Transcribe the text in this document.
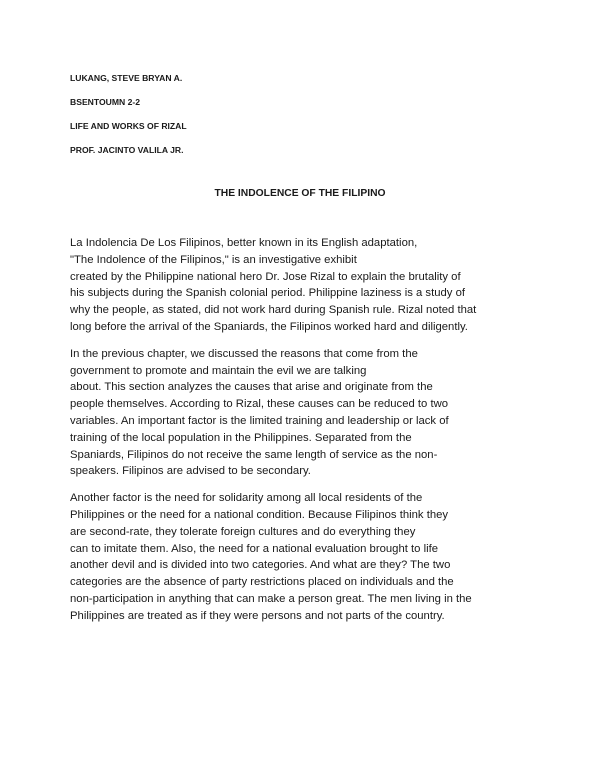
LUKANG, STEVE BRYAN A.
BSENTOUMN 2-2
LIFE AND WORKS OF RIZAL
PROF. JACINTO VALILA JR.
THE INDOLENCE OF THE FILIPINO
La Indolencia De Los Filipinos, better known in its English adaptation,
"The Indolence of the Filipinos," is an investigative exhibit
created by the Philippine national hero Dr. Jose Rizal to explain the brutality of
his subjects during the Spanish colonial period. Philippine laziness is a study of
why the people, as stated, did not work hard during Spanish rule. Rizal noted that
long before the arrival of the Spaniards, the Filipinos worked hard and diligently.
In the previous chapter, we discussed the reasons that come from the
government to promote and maintain the evil we are talking
about. This section analyzes the causes that arise and originate from the
people themselves. According to Rizal, these causes can be reduced to two
variables. An important factor is the limited training and leadership or lack of
training of the local population in the Philippines. Separated from the
Spaniards, Filipinos do not receive the same length of service as the non-
speakers. Filipinos are advised to be secondary.
Another factor is the need for solidarity among all local residents of the
Philippines or the need for a national condition. Because Filipinos think they
are second-rate, they tolerate foreign cultures and do everything they
can to imitate them. Also, the need for a national evaluation brought to life
another devil and is divided into two categories. And what are they? The two
categories are the absence of party restrictions placed on individuals and the
non-participation in anything that can make a person great. The men living in the
Philippines are treated as if they were persons and not parts of the country.
